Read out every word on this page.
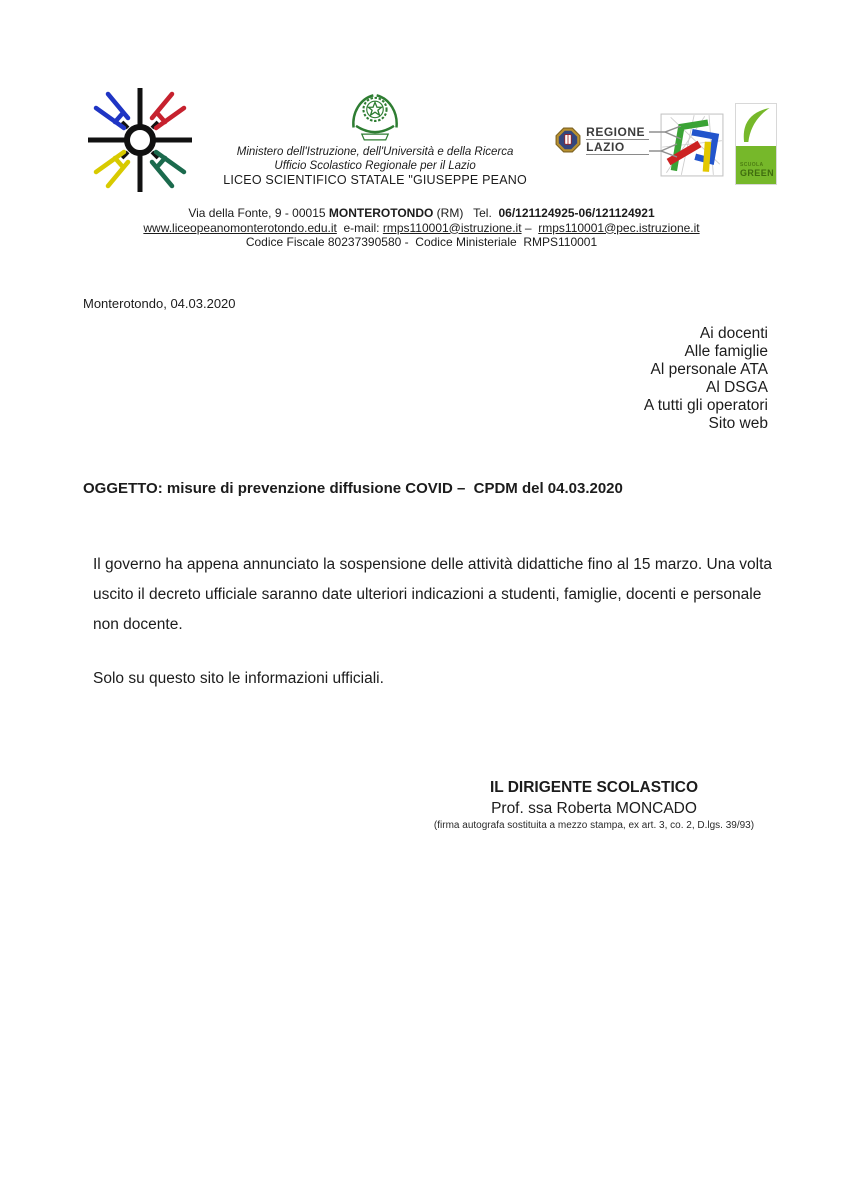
Ministero dell'Istruzione, dell'Università e della Ricerca
Ufficio Scolastico Regionale per il Lazio
LICEO SCIENTIFICO STATALE "GIUSEPPE PEANO
REGIONE
LAZIO
SCUOLA
GREEN
Via della Fonte, 9 - 00015 MONTEROTONDO (RM)   Tel.  06/121124925-06/121124921
www.liceopeanomonterotondo.edu.it  e-mail: rmps110001@istruzione.it –  rmps110001@pec.istruzione.it
Codice Fiscale 80237390580 -  Codice Ministeriale  RMPS110001
Monterotondo, 04.03.2020
Ai docenti
Alle famiglie
Al personale ATA
Al DSGA
A tutti gli operatori
Sito web
OGGETTO: misure di prevenzione diffusione COVID –  CPDM del 04.03.2020
Il governo ha appena annunciato la sospensione delle attività didattiche fino al 15 marzo. Una volta uscito il decreto ufficiale saranno date ulteriori indicazioni a studenti, famiglie, docenti e personale non docente.
Solo su questo sito le informazioni ufficiali.
IL DIRIGENTE SCOLASTICO
Prof. ssa Roberta MONCADO
(firma autografa sostituita a mezzo stampa, ex art. 3, co. 2, D.lgs. 39/93)
